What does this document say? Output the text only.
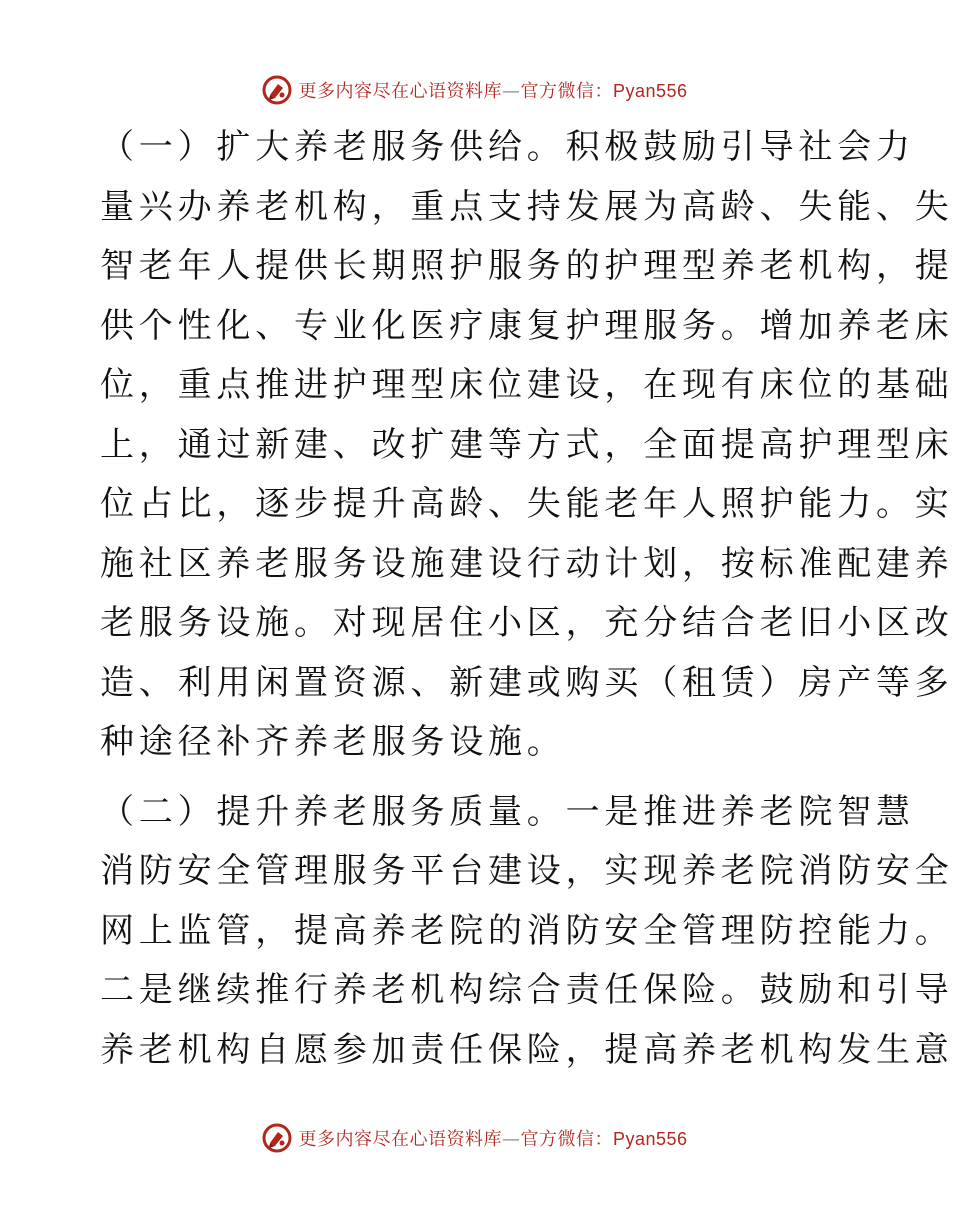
更多内容尽在心语资料库—官方微信：Pyan556
（一）扩大养老服务供给。积极鼓励引导社会力
量兴办养老机构，重点支持发展为高龄、失能、失
智老年人提供长期照护服务的护理型养老机构，提
供个性化、专业化医疗康复护理服务。增加养老床
位，重点推进护理型床位建设，在现有床位的基础
上，通过新建、改扩建等方式，全面提高护理型床
位占比，逐步提升高龄、失能老年人照护能力。实
施社区养老服务设施建设行动计划，按标准配建养
老服务设施。对现居住小区，充分结合老旧小区改
造、利用闲置资源、新建或购买（租赁）房产等多
种途径补齐养老服务设施。
（二）提升养老服务质量。一是推进养老院智慧
消防安全管理服务平台建设，实现养老院消防安全
网上监管，提高养老院的消防安全管理防控能力。
二是继续推行养老机构综合责任保险。鼓励和引导
养老机构自愿参加责任保险，提高养老机构发生意
更多内容尽在心语资料库—官方微信：Pyan556
